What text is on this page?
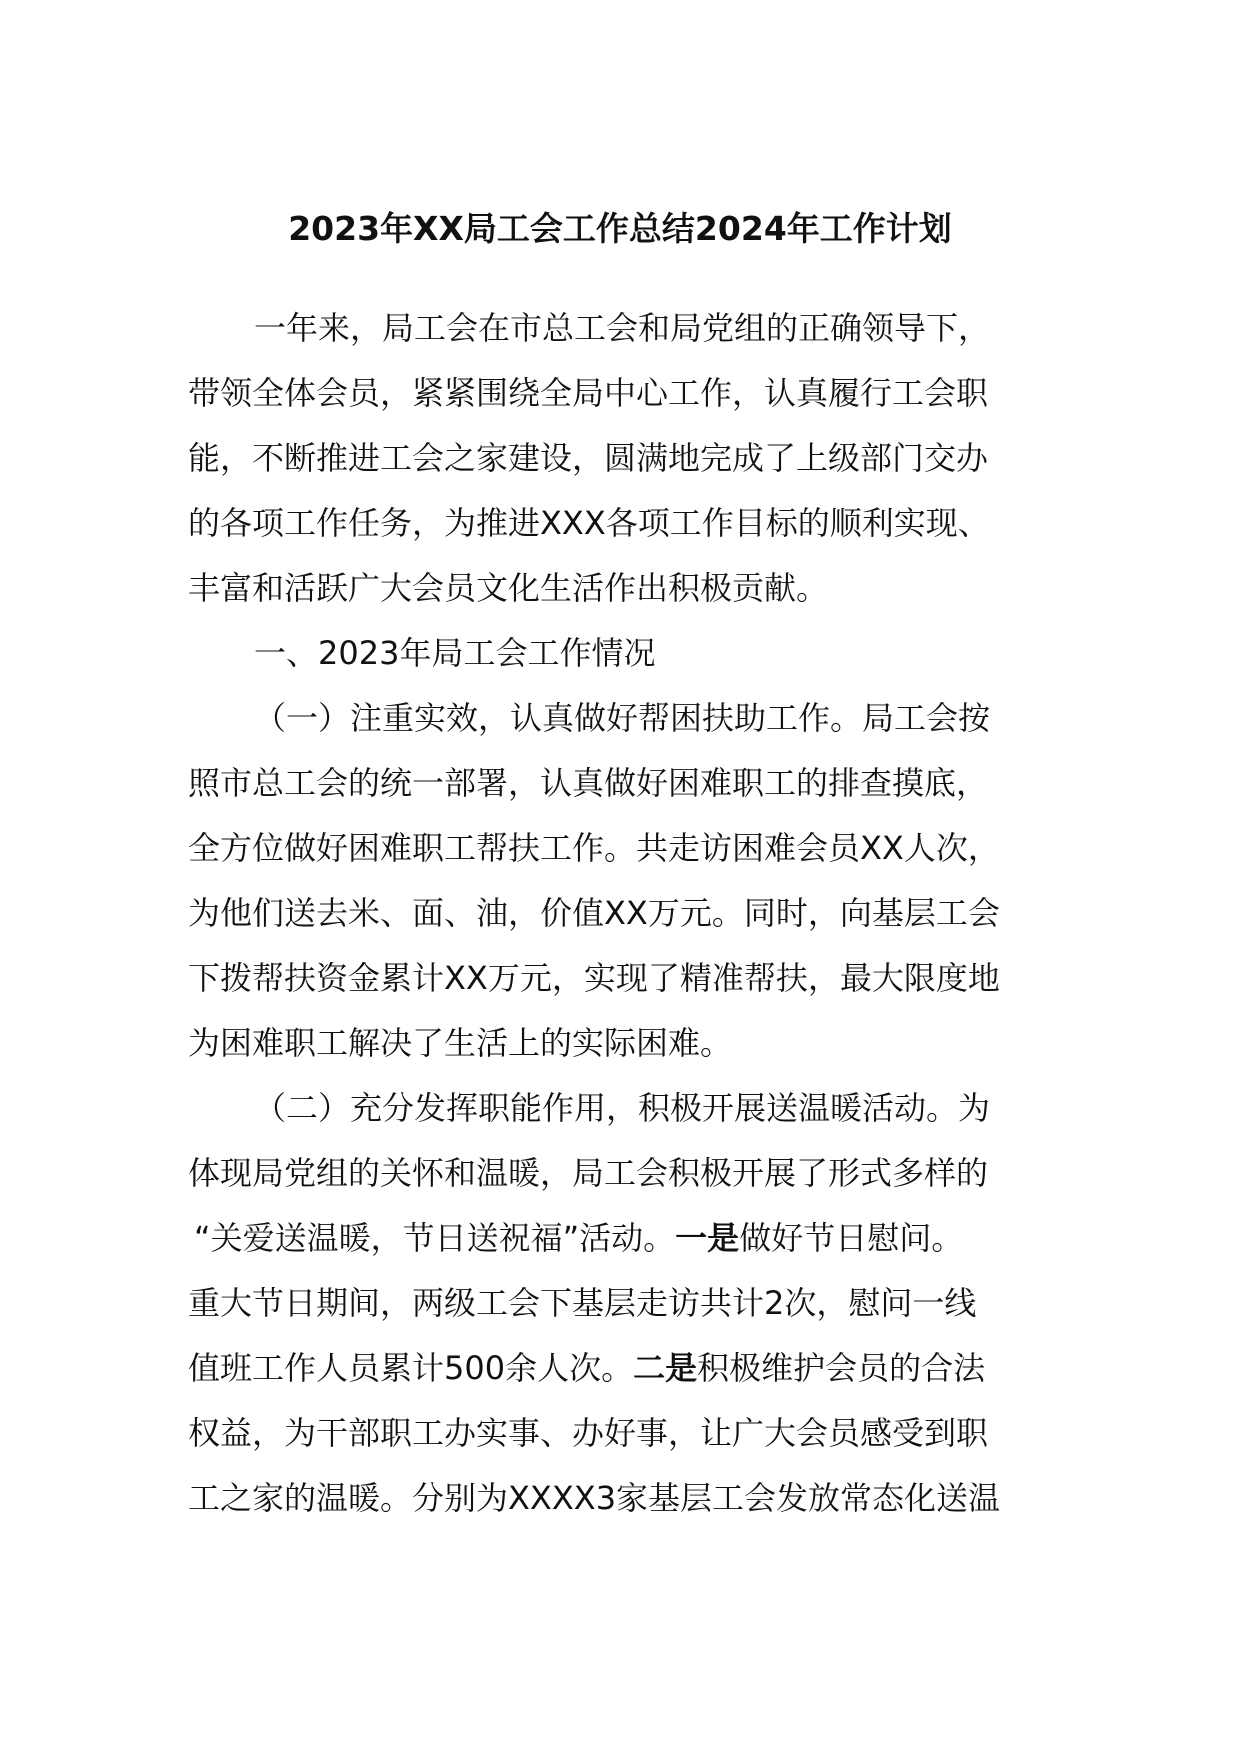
2023年XX局工会工作总结2024年工作计划
一年来，局工会在市总工会和局党组的正确领导下，
带领全体会员，紧紧围绕全局中心工作，认真履行工会职
能，不断推进工会之家建设，圆满地完成了上级部门交办
的各项工作任务，为推进XXX各项工作目标的顺利实现、
丰富和活跃广大会员文化生活作出积极贡献。
一、2023年局工会工作情况
（一）注重实效，认真做好帮困扶助工作。局工会按
照市总工会的统一部署，认真做好困难职工的排查摸底，
全方位做好困难职工帮扶工作。共走访困难会员XX人次，
为他们送去米、面、油，价值XX万元。同时，向基层工会
下拨帮扶资金累计XX万元，实现了精准帮扶，最大限度地
为困难职工解决了生活上的实际困难。
（二）充分发挥职能作用，积极开展送温暖活动。为
体现局党组的关怀和温暖，局工会积极开展了形式多样的
“关爱送温暖，节日送祝福”活动。一是做好节日慰问。
重大节日期间，两级工会下基层走访共计2次，慰问一线
值班工作人员累计500余人次。二是积极维护会员的合法
权益，为干部职工办实事、办好事，让广大会员感受到职
工之家的温暖。分别为XXXX3家基层工会发放常态化送温
